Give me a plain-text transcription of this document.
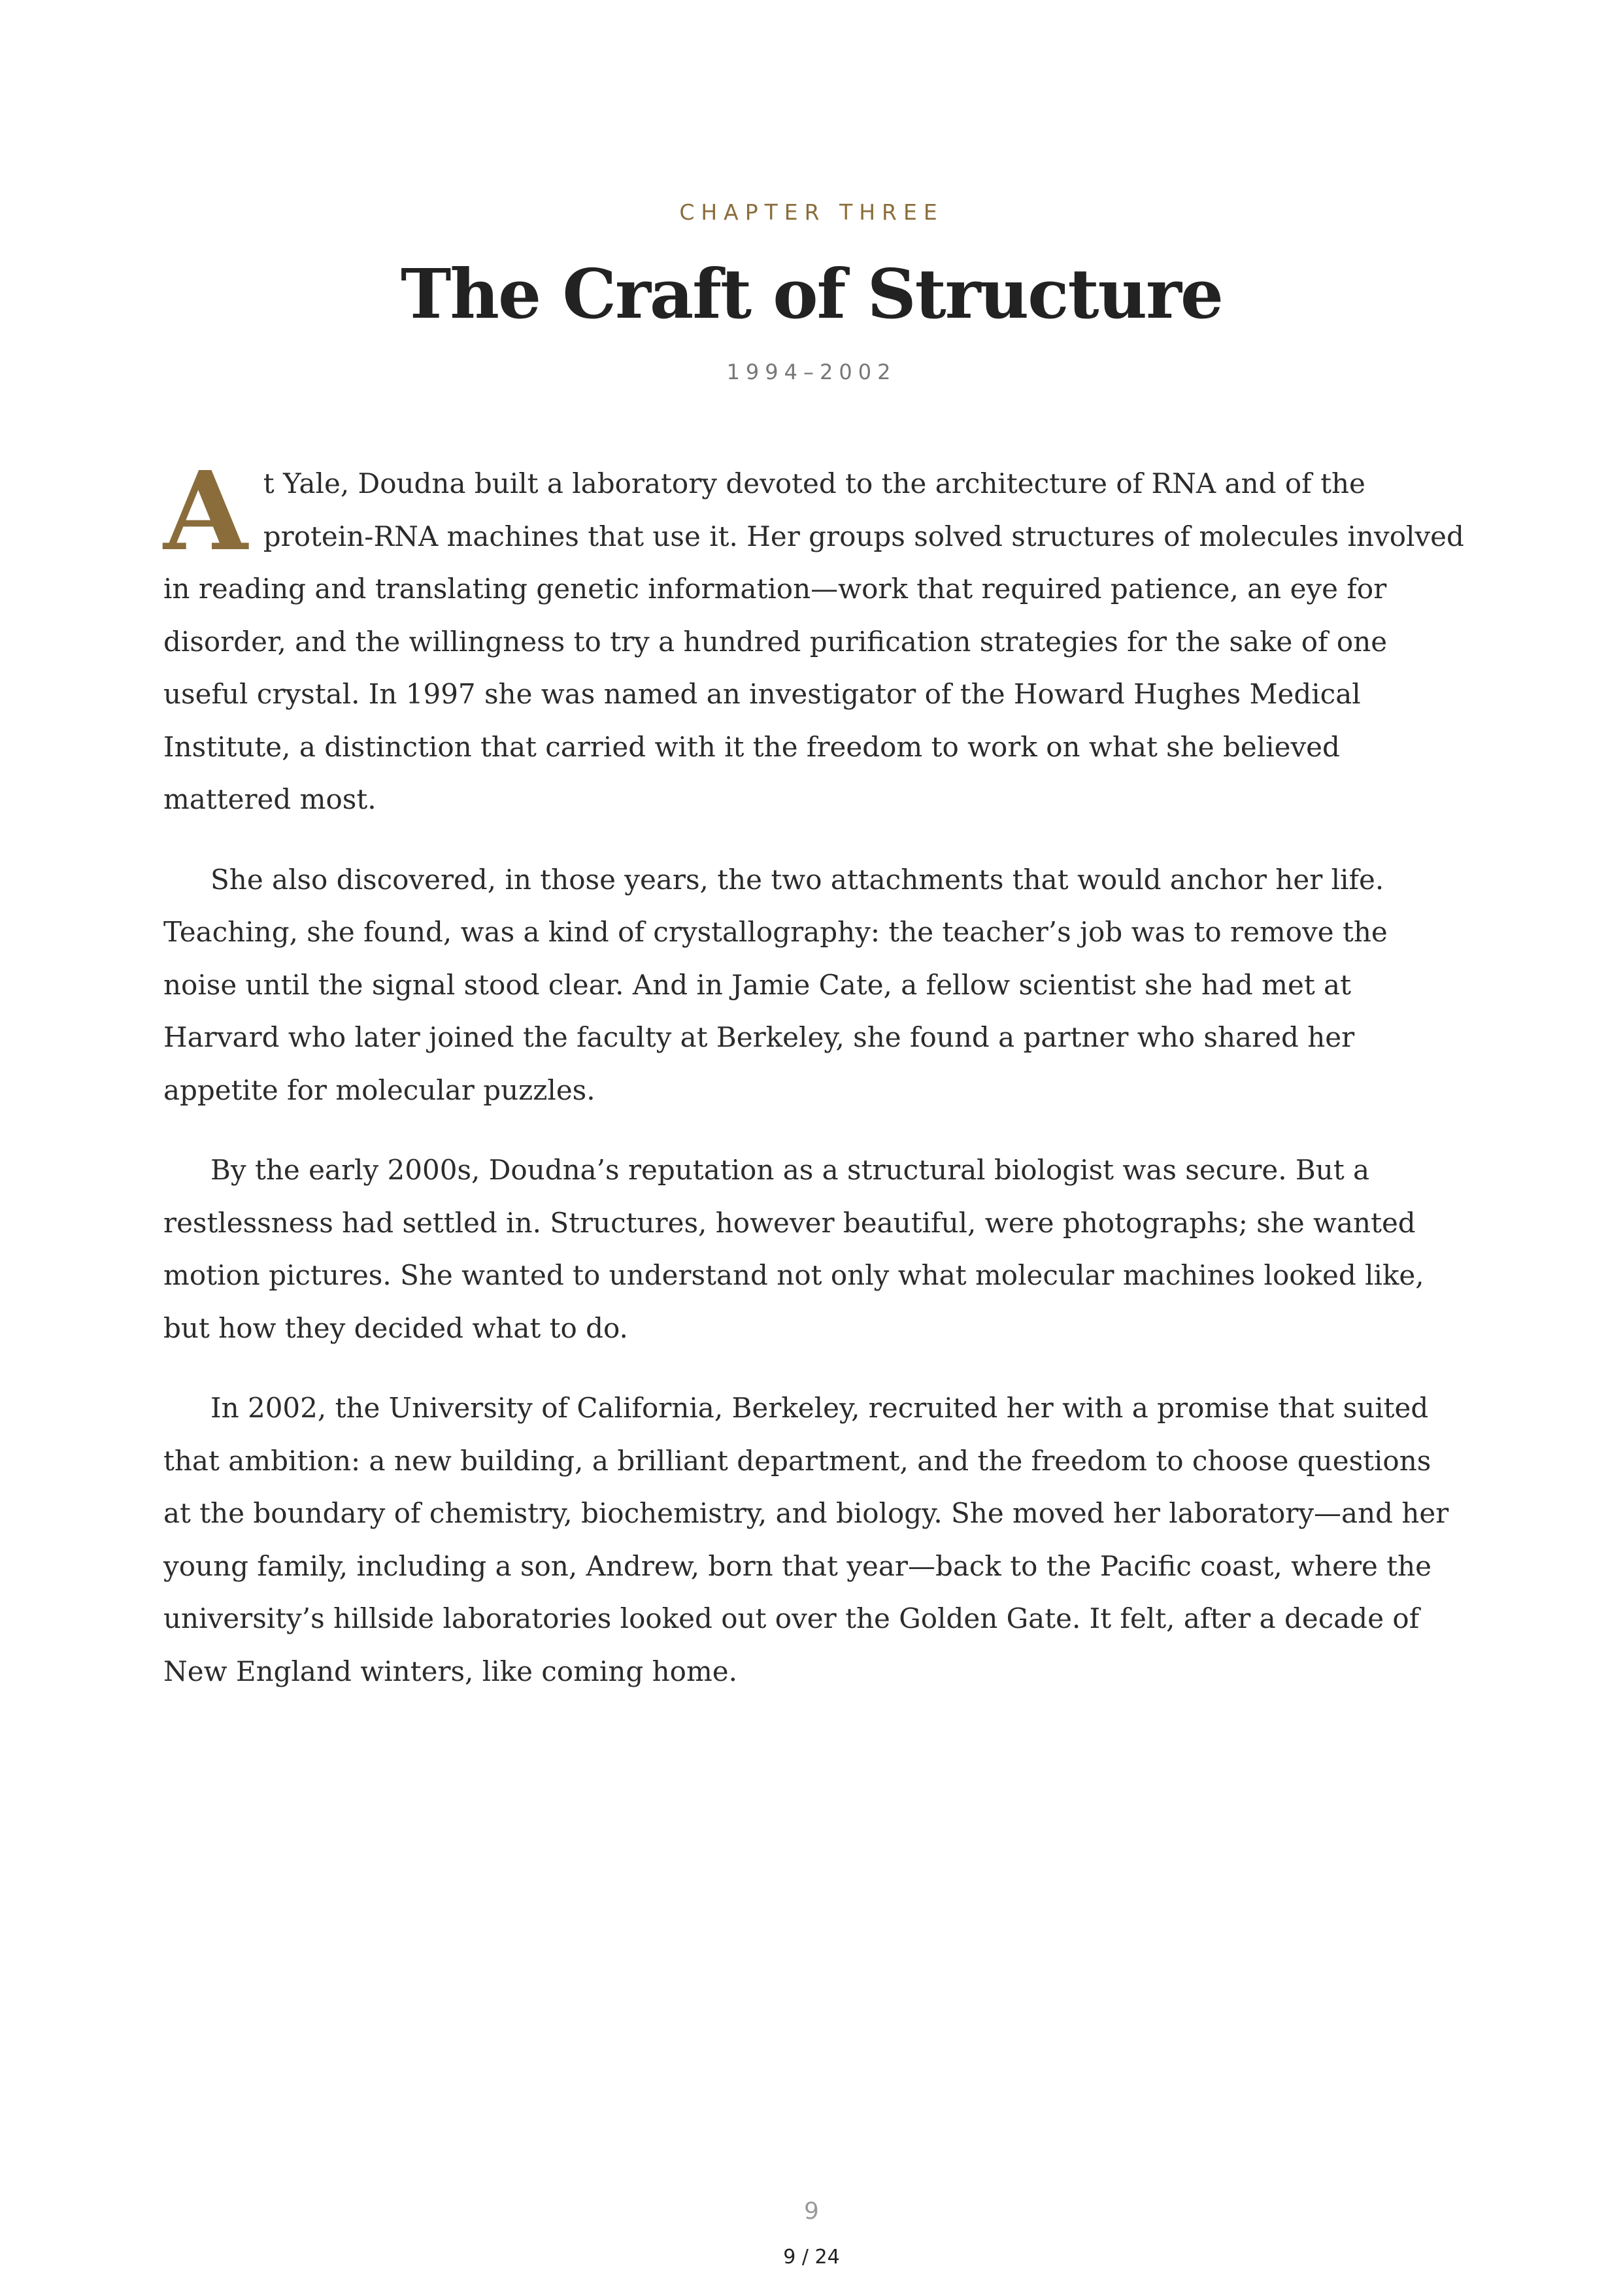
CHAPTER THREE
The Craft of Structure
1994–2002

At Yale, Doudna built a laboratory devoted to the architecture of RNA and of the protein-RNA machines that use it. Her groups solved structures of molecules involved in reading and translating genetic information—work that required patience, an eye for disorder, and the willingness to try a hundred purification strategies for the sake of one useful crystal. In 1997 she was named an investigator of the Howard Hughes Medical Institute, a distinction that carried with it the freedom to work on what she believed mattered most.

She also discovered, in those years, the two attachments that would anchor her life. Teaching, she found, was a kind of crystallography: the teacher’s job was to remove the noise until the signal stood clear. And in Jamie Cate, a fellow scientist she had met at Harvard who later joined the faculty at Berkeley, she found a partner who shared her appetite for molecular puzzles.

By the early 2000s, Doudna’s reputation as a structural biologist was secure. But a restlessness had settled in. Structures, however beautiful, were photographs; she wanted motion pictures. She wanted to understand not only what molecular machines looked like, but how they decided what to do.

In 2002, the University of California, Berkeley, recruited her with a promise that suited that ambition: a new building, a brilliant department, and the freedom to choose questions at the boundary of chemistry, biochemistry, and biology. She moved her laboratory—and her young family, including a son, Andrew, born that year—back to the Pacific coast, where the university’s hillside laboratories looked out over the Golden Gate. It felt, after a decade of New England winters, like coming home.

9
9 / 24
